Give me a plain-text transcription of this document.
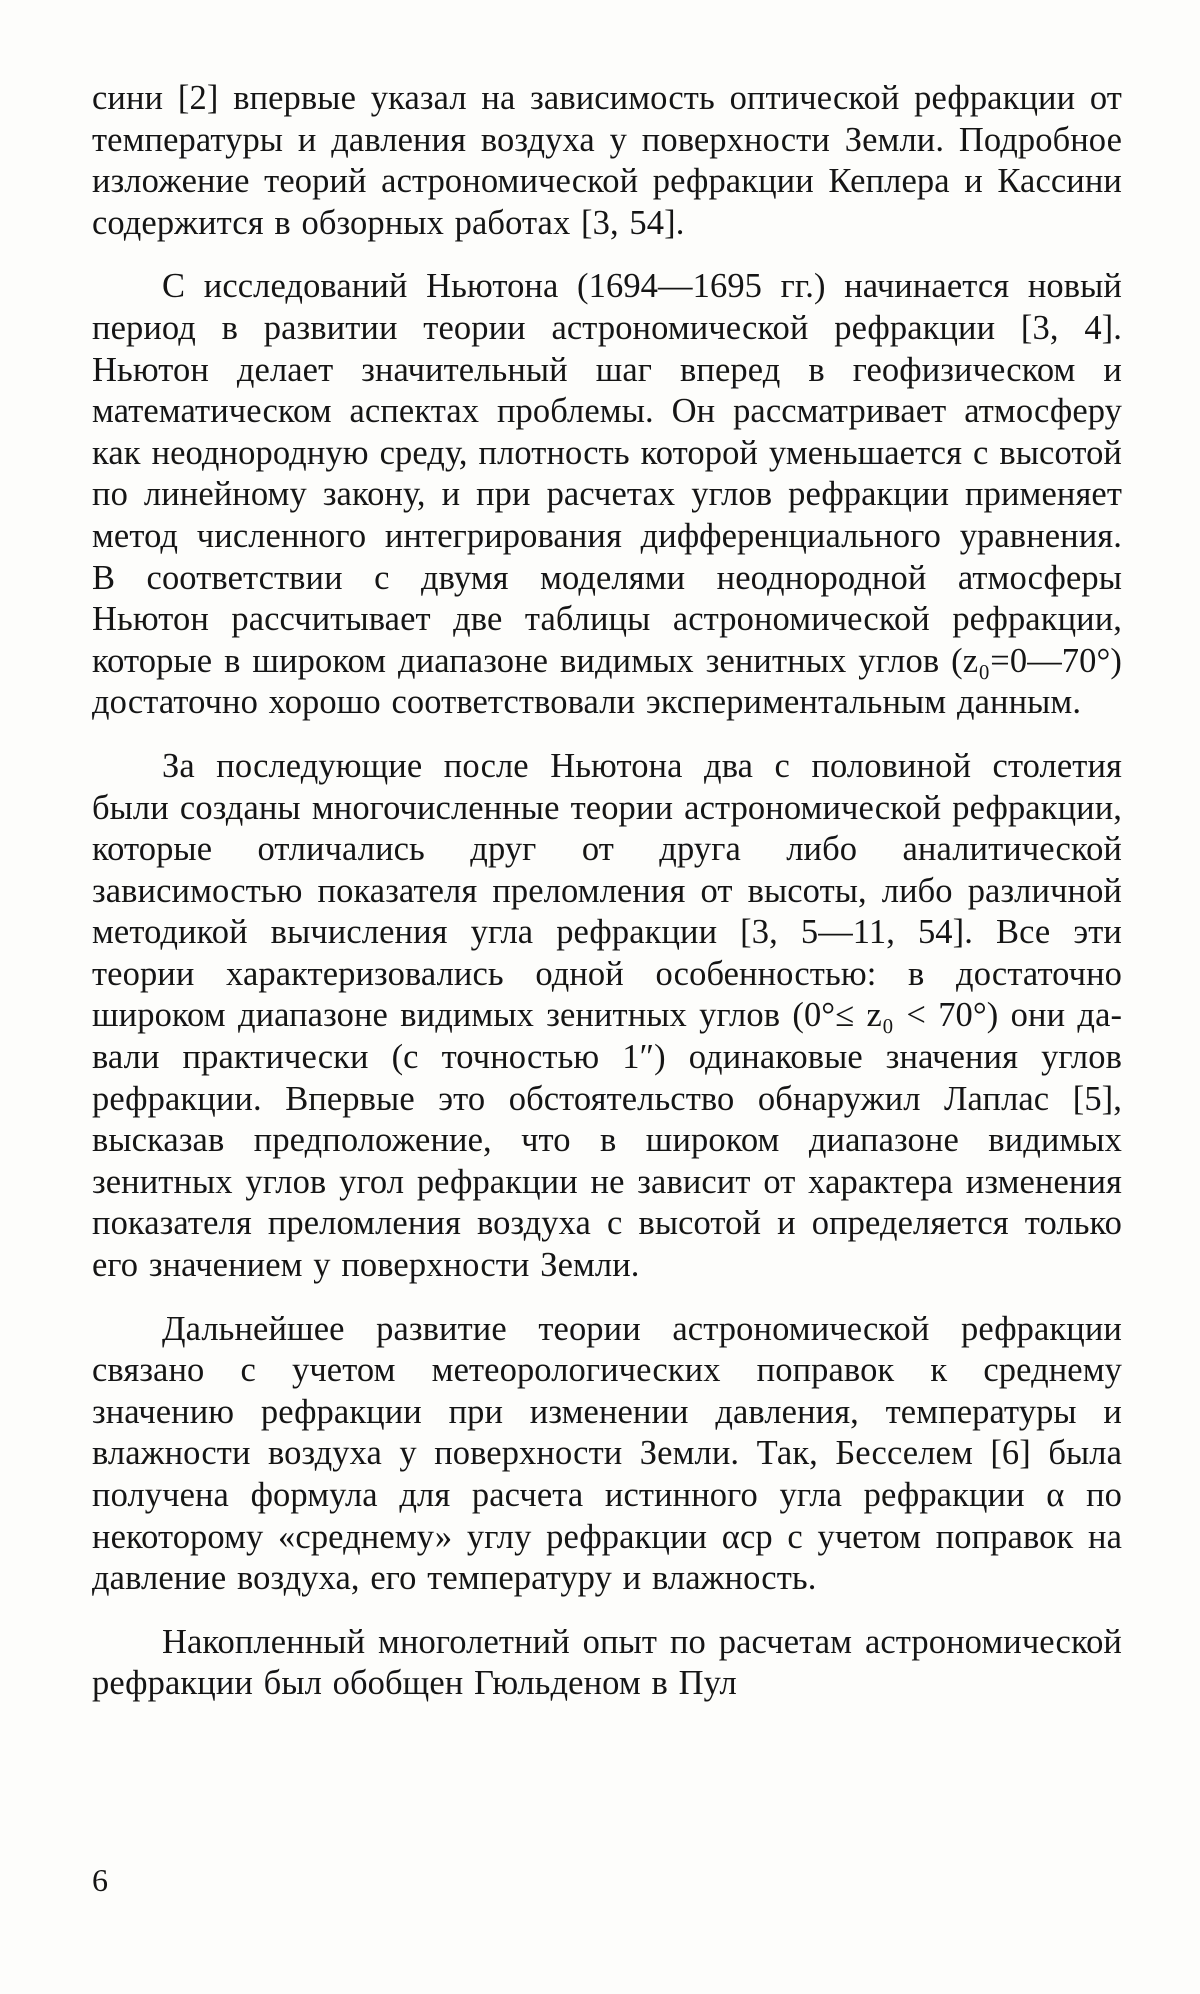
сини [2] впервые указал на зависимость оптической рефракции от температуры и давления воздуха у поверхности Земли. Подробное изложение теорий астрономической рефракции Кеплера и Кассини содержится в обзорных работах [3, 54].

С исследований Ньютона (1694—1695 гг.) начинается новый период в развитии теории астрономической рефракции [3, 4]. Ньютон делает значительный шаг вперед в геофизическом и математическом аспектах проблемы. Он рассматривает атмосферу как неоднородную среду, плотность которой уменьшается с высотой по линейному закону, и при расчетах углов рефракции применяет метод численного интегрирования дифференциального уравнения. В соответствии с двумя моделями неоднородной атмосферы Ньютон рассчитывает две таблицы астрономической рефракции, которые в широком диапазоне видимых зенитных углов (z₀=0—70°) достаточно хорошо соответствовали экспериментальным данным.

За последующие после Ньютона два с половиной столетия были созданы многочисленные теории астрономической рефракции, которые отличались друг от друга либо аналитической зависимостью показателя преломления от высоты, либо различной методикой вычисления угла рефракции [3, 5—11, 54]. Все эти теории характеризовались одной особенностью: в достаточно широком диапазоне видимых зенитных углов (0°≤ z₀ < 70°) они давали практически (с точностью 1″) одинаковые значения углов рефракции. Впервые это обстоятельство обнаружил Лаплас [5], высказав предположение, что в широком диапазоне видимых зенитных углов угол рефракции не зависит от характера изменения показателя преломления воздуха с высотой и определяется только его значением у поверхности Земли.

Дальнейшее развитие теории астрономической рефракции связано с учетом метеорологических поправок к среднему значению рефракции при изменении давления, температуры и влажности воздуха у поверхности Земли. Так, Бесселем [6] была получена формула для расчета истинного угла рефракции α по некоторому «среднему» углу рефракции αср с учетом поправок на давление воздуха, его температуру и влажность.

Накопленный многолетний опыт по расчетам астрономической рефракции был обобщен Гюльденом в Пул

6
